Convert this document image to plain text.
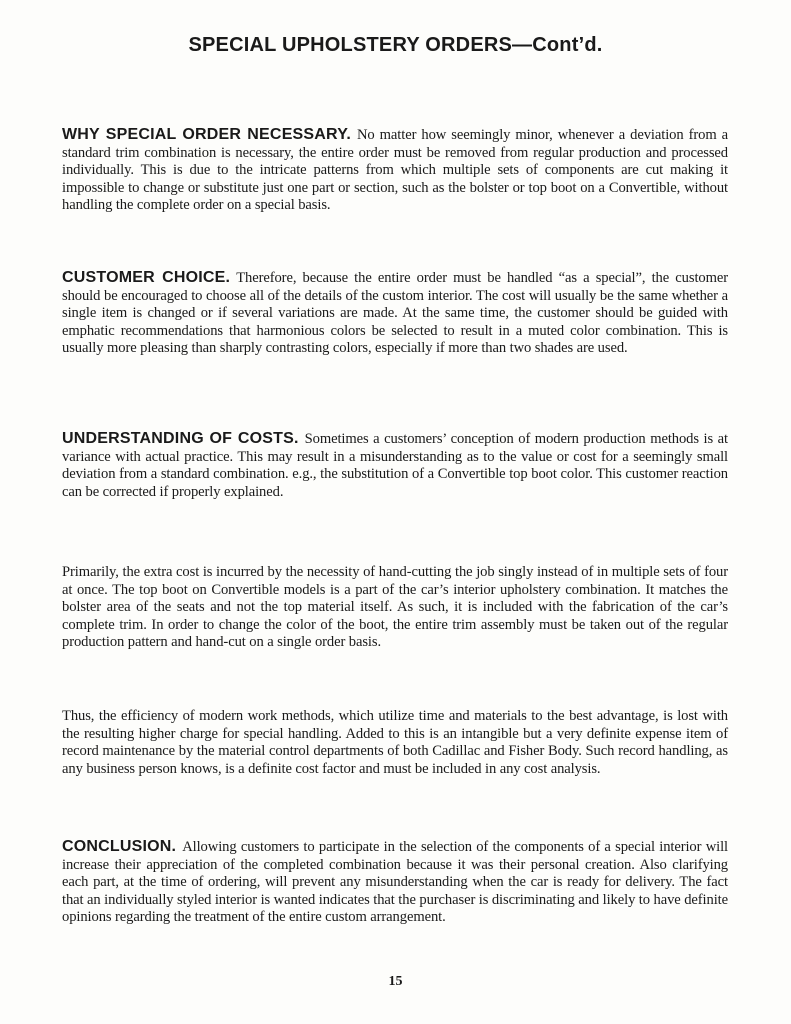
SPECIAL UPHOLSTERY ORDERS—Cont’d.

WHY SPECIAL ORDER NECESSARY. No matter how seemingly minor, whenever a deviation from a standard trim combination is necessary, the entire order must be removed from regular production and processed individually. This is due to the intricate patterns from which multiple sets of components are cut making it impossible to change or substitute just one part or section, such as the bolster or top boot on a Convertible, without handling the complete order on a special basis.

CUSTOMER CHOICE. Therefore, because the entire order must be handled “as a special”, the customer should be encouraged to choose all of the details of the custom interior. The cost will usually be the same whether a single item is changed or if several variations are made. At the same time, the customer should be guided with emphatic recommendations that harmonious colors be selected to result in a muted color combination. This is usually more pleasing than sharply contrasting colors, especially if more than two shades are used.

UNDERSTANDING OF COSTS. Sometimes a customers’ conception of modern production methods is at variance with actual practice. This may result in a misunderstanding as to the value or cost for a seemingly small deviation from a standard combination. e.g., the substitution of a Convertible top boot color. This customer reaction can be corrected if properly explained.

Primarily, the extra cost is incurred by the necessity of hand-cutting the job singly instead of in multiple sets of four at once. The top boot on Convertible models is a part of the car’s interior upholstery combination. It matches the bolster area of the seats and not the top material itself. As such, it is included with the fabrication of the car’s complete trim. In order to change the color of the boot, the entire trim assembly must be taken out of the regular production pattern and hand-cut on a single order basis.

Thus, the efficiency of modern work methods, which utilize time and materials to the best advantage, is lost with the resulting higher charge for special handling. Added to this is an intangible but a very definite expense item of record maintenance by the material control departments of both Cadillac and Fisher Body. Such record handling, as any business person knows, is a definite cost factor and must be included in any cost analysis.

CONCLUSION. Allowing customers to participate in the selection of the components of a special interior will increase their appreciation of the completed combination because it was their personal creation. Also clarifying each part, at the time of ordering, will prevent any misunderstanding when the car is ready for delivery. The fact that an individually styled interior is wanted indicates that the purchaser is discriminating and likely to have definite opinions regarding the treatment of the entire custom arrangement.

15
